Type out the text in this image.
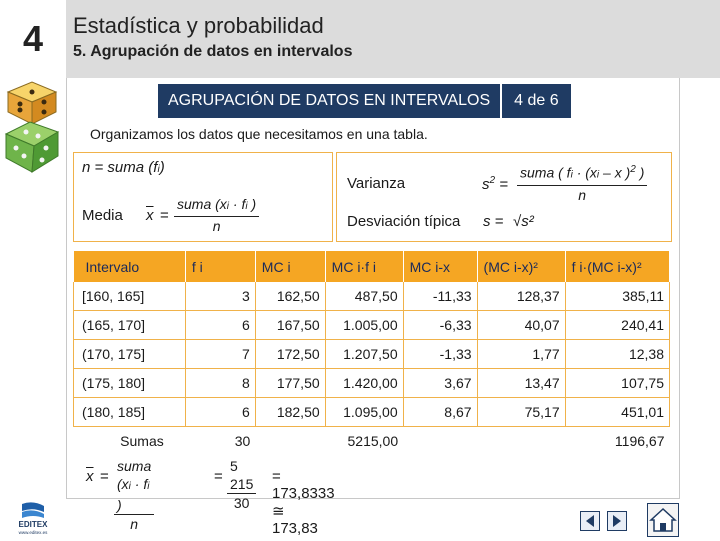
4	Estadística y probabilidad
5. Agrupación de datos en intervalos
AGRUPACIÓN DE DATOS EN INTERVALOS	4 de 6
Organizamos los datos que necesitamos en una tabla.
n = suma (fi)
Media $\overline{x}$ =
suma (xi · fi )
n
Varianza	$s^2$ =
suma ( fi · (xi – x )$^2$ )
n
Desviación típica s = √s²
Intervalo	f i	MC i	MC i·f i	MC i-x	(MC i-x)²	f i·(MC i-x)²
[160, 165]	3	162,50	487,50	-11,33	128,37	385,11
(165, 170]	6	167,50	1.005,00	-6,33	40,07	240,41
(170, 175]	7	172,50	1.207,50	-1,33	1,77	12,38
(175, 180]	8	177,50	1.420,00	3,67	13,47	107,75
(180, 185]	6	182,50	1.095,00	8,67	75,17	451,01
Sumas	30		5215,00			1196,67
$\overline{x}$ =
suma (xi · fi )
n
= $\frac{5 215}{30} = 173,8333$ ≅ 173,83
EDITEX
www.editex.es
